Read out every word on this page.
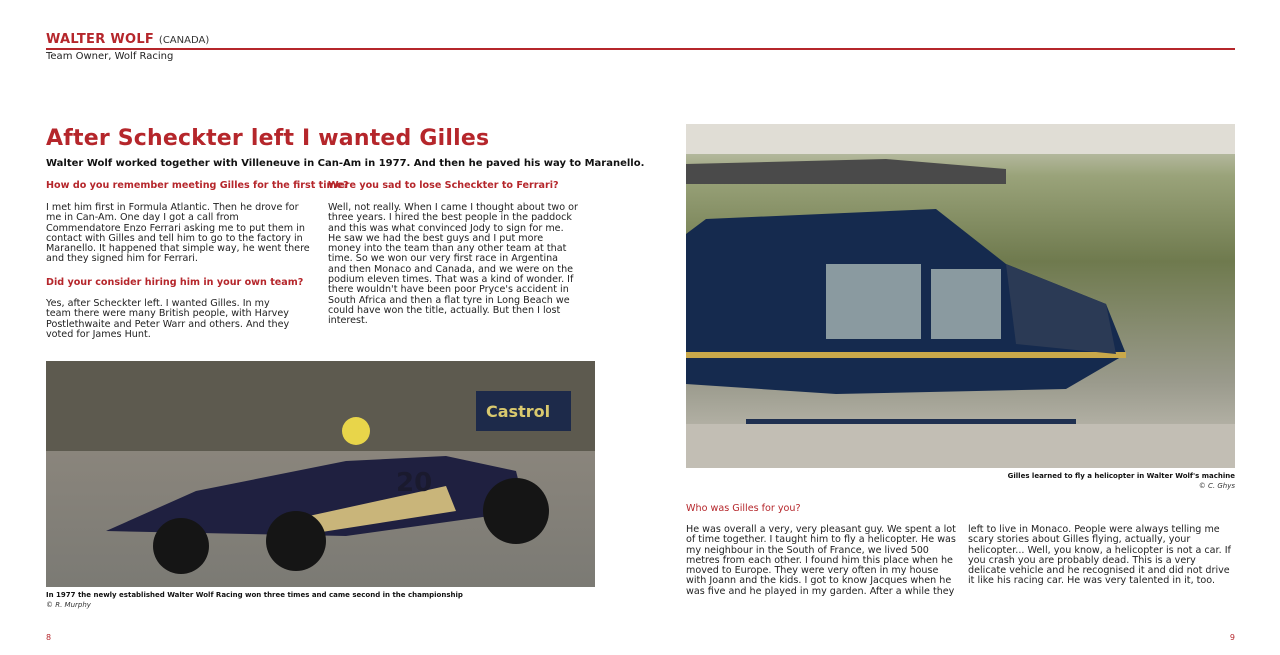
WALTER WOLF (CANADA)
Team Owner, Wolf Racing
After Scheckter left I wanted Gilles
Walter Wolf worked together with Villeneuve in Can-Am in 1977. And then he paved his way to Maranello.
How do you remember meeting Gilles for the first time?

I met him first in Formula Atlantic. Then he drove for me in Can-Am. One day I got a call from Commendatore Enzo Ferrari asking me to put them in contact with Gilles and tell him to go to the factory in Maranello. It happened that simple way, he went there and they signed him for Ferrari.

Did your consider hiring him in your own team?

Yes, after Scheckter left. I wanted Gilles. In my team there were many British people, with Harvey Postlethwaite and Peter Warr and others. And they voted for James Hunt.

Were you sad to lose Scheckter to Ferrari?

Well, not really. When I came I thought about two or three years. I hired the best people in the paddock and this was what convinced Jody to sign for me. He saw we had the best guys and I put more money into the team than any other team at that time. So we won our very first race in Argentina and then Monaco and Canada, and we were on the podium eleven times. That was a kind of wonder. If there wouldn't have been poor Pryce's accident in South Africa and then a flat tyre in Long Beach we could have won the title, actually. But then I lost interest.

Castrol
20
In 1977 the newly established Walter Wolf Racing won three times and came second in the championship
© R. Murphy
Gilles learned to fly a helicopter in Walter Wolf's machine
© C. Ghys
Who was Gilles for you?

He was overall a very, very pleasant guy. We spent a lot of time together. I taught him to fly a helicopter. He was my neighbour in the South of France, we lived 500 metres from each other. I found him this place when he moved to Europe. They were very often in my house with Joann and the kids. I got to know Jacques when he was five and he played in my garden. After a while they

left to live in Monaco. People were always telling me scary stories about Gilles flying, actually, your helicopter... Well, you know, a helicopter is not a car. If you crash you are probably dead. This is a very delicate vehicle and he recognised it and did not drive it like his racing car. He was very talented in it, too.

8	9
